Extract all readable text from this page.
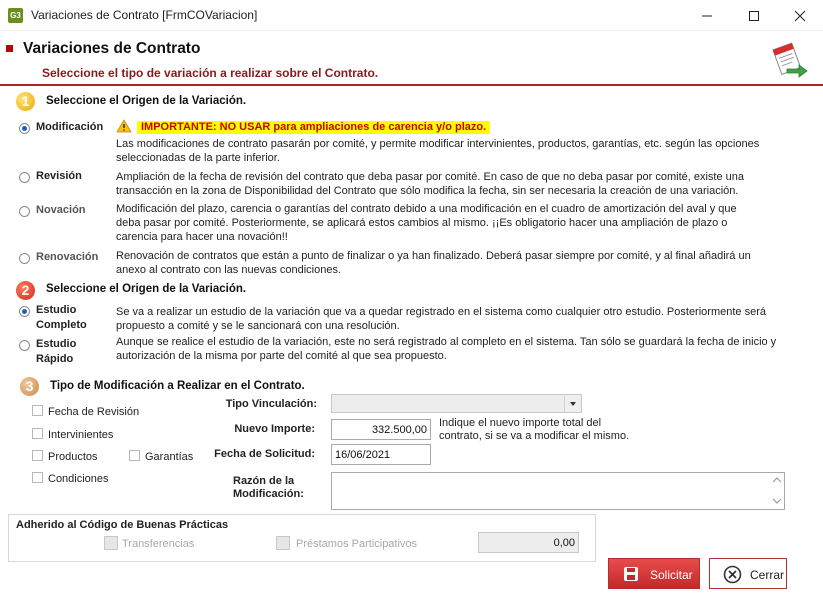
G3 Variaciones de Contrato [FrmCOVariacion]
Variaciones de Contrato
Seleccione el tipo de variación a realizar sobre el Contrato.
1	Seleccione el Origen de la Variación.
Modificación	IMPORTANTE: NO USAR para ampliaciones de carencia y/o plazo.
Las modificaciones de contrato pasarán por comité, y permite modificar intervinientes, productos, garantías, etc. según las opciones
seleccionadas de la parte inferior.
Revisión	Ampliación de la fecha de revisión del contrato que deba pasar por comité. En caso de que no deba pasar por comité, existe una
transacción en la zona de Disponibilidad del Contrato que sólo modifica la fecha, sin ser necesaria la creación de una variación.
Novación	Modificación del plazo, carencia o garantías del contrato debido a una modificación en el cuadro de amortización del aval y que
deba pasar por comité. Posteriormente, se aplicará estos cambios al mismo. ¡¡Es obligatorio hacer una ampliación de plazo o
carencia para hacer una novación!!
Renovación Renovación de contratos que están a punto de finalizar o ya han finalizado. Deberá pasar siempre por comité, y al final añadirá un
anexo al contrato con las nuevas condiciones.
2	Seleccione el Origen de la Variación.
Estudio
Completo
Se va a realizar un estudio de la variación que va a quedar registrado en el sistema como cualquier otro estudio. Posteriormente será
propuesto a comité y se le sancionará con una resolución.
Estudio
Rápido
Aunque se realice el estudio de la variación, este no será registrado al completo en el sistema. Tan sólo se guardará la fecha de inicio y
autorización de la misma por parte del comité al que sea propuesto.
3	Tipo de Modificación a Realizar en el Contrato.
Fecha de Revisión
Intervinientes
Productos	Garantías
Condiciones
Tipo Vinculación:
Nuevo Importe:	332.500,00
Indique el nuevo importe total del
contrato, si se va a modificar el mismo.
Fecha de Solicitud:	16/06/2021
Razón de la
Modificación:
Adherido al Código de Buenas Prácticas
Transferencias	Préstamos Participativos	0,00
Solicitar	Cerrar
